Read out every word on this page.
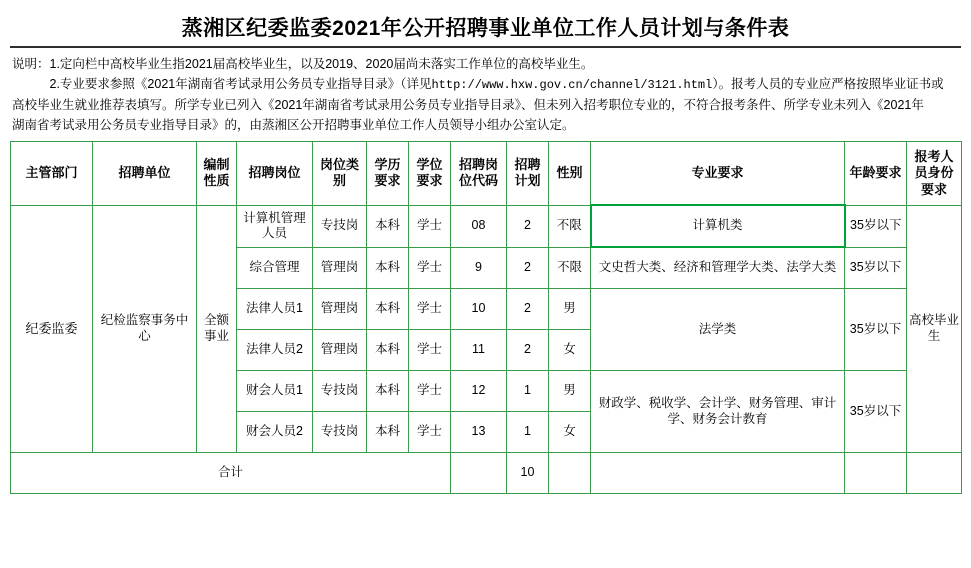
蒸湘区纪委监委2021年公开招聘事业单位工作人员计划与条件表
说明：1.定向栏中高校毕业生指2021届高校毕业生，以及2019、2020届尚未落实工作单位的高校毕业生。
　　　2.专业要求参照《2021年湖南省考试录用公务员专业指导目录》（详见http://www.hxw.gov.cn/channel/3121.html）。报考人员的专业应严格按照毕业证书或
高校毕业生就业推荐表填写。所学专业已列入《2021年湖南省考试录用公务员专业指导目录》、但未列入招考职位专业的，不符合报考条件、所学专业未列入《2021年
湖南省考试录用公务员专业指导目录》的，由蒸湘区公开招聘事业单位工作人员领导小组办公室认定。
主管部门	招聘单位	编制性质	招聘岗位	岗位类别	学历要求	学位要求	招聘岗位代码	招聘计划	性别	专业要求	年龄要求	报考人员身份要求
纪委监委	纪检监察事务中心	全额事业	计算机管理人员	专技岗	本科	学士	08	2	不限	计算机类	35岁以下	高校毕业生
			综合管理	管理岗	本科	学士	9	2	不限	文史哲大类、经济和管理学大类、法学大类	35岁以下	
			法律人员1	管理岗	本科	学士	10	2	男	法学类	35岁以下	
			法律人员2	管理岗	本科	学士	11	2	女			
			财会人员1	专技岗	本科	学士	12	1	男	财政学、税收学、会计学、财务管理、审计学、财务会计教育	35岁以下	
			财会人员2	专技岗	本科	学士	13	1	女			
合计								10				
